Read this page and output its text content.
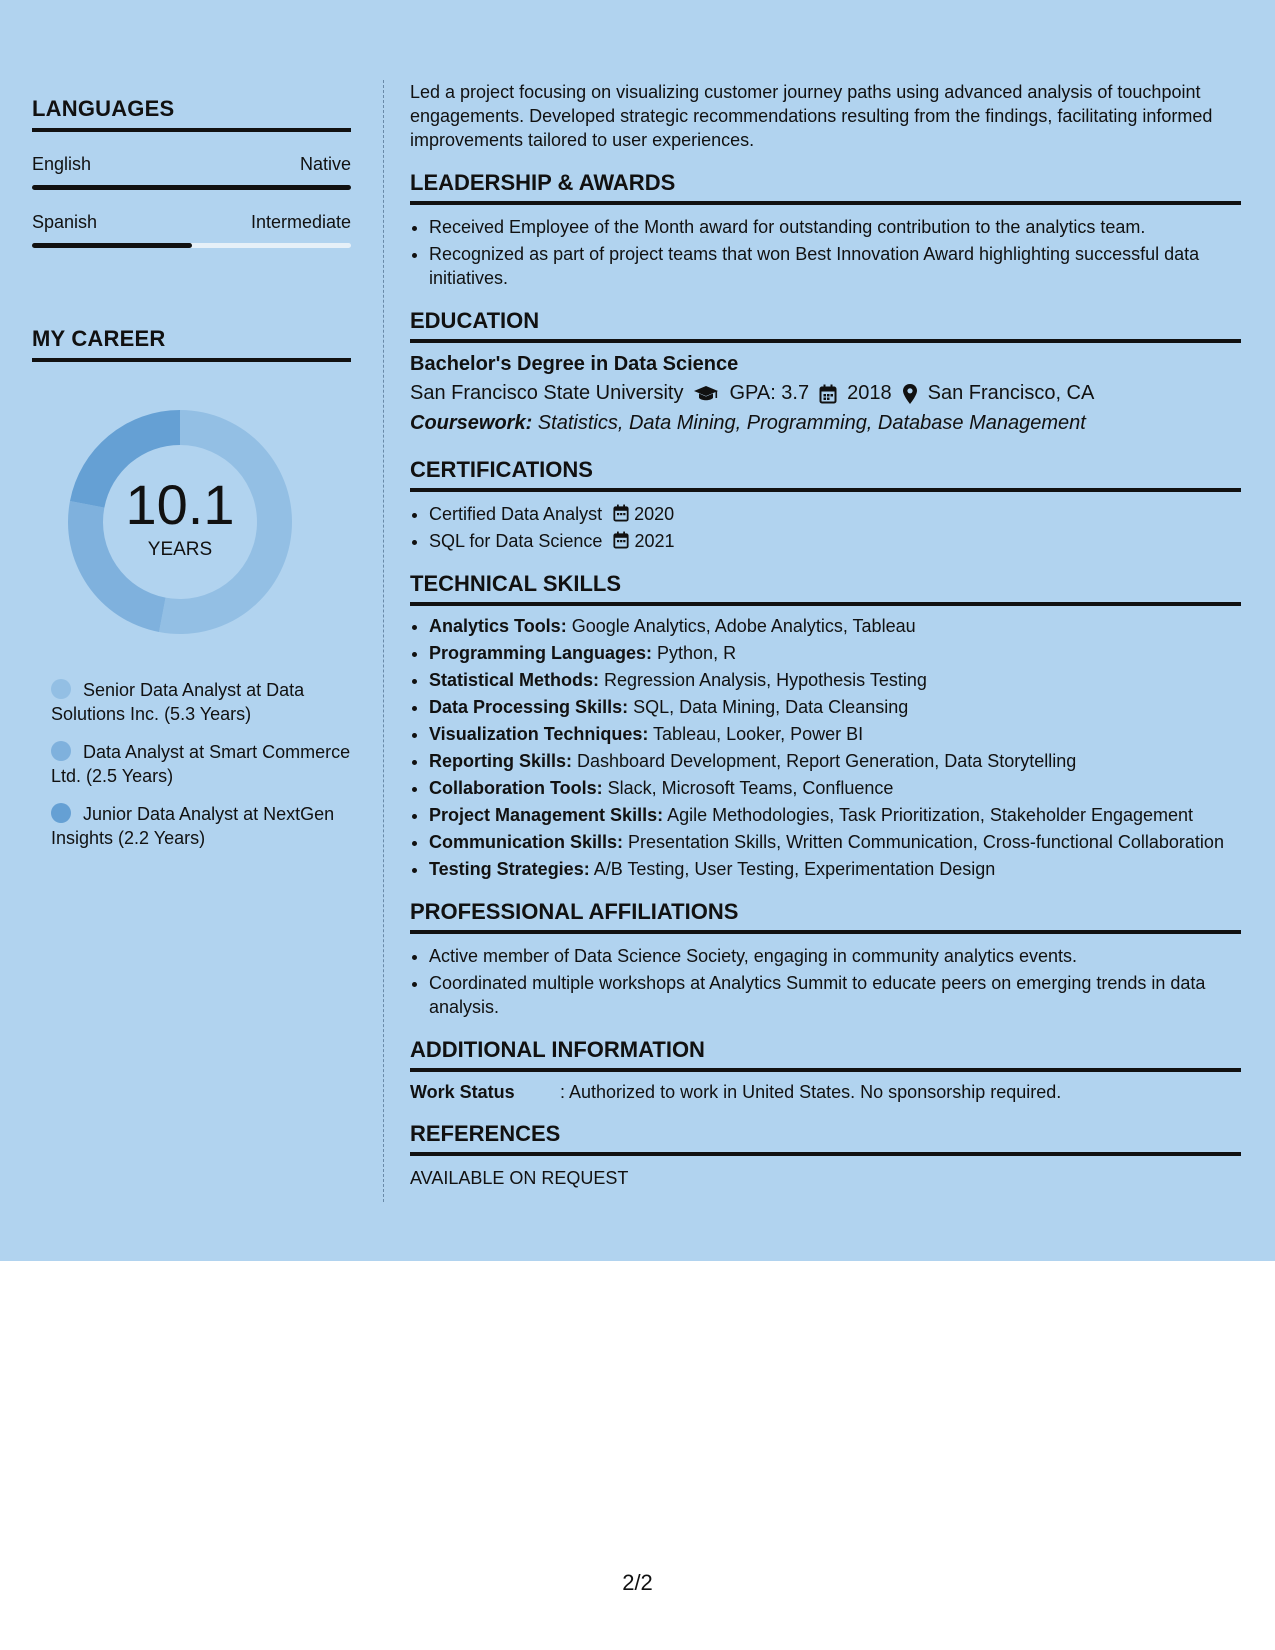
LANGUAGES
English	Native
Spanish	Intermediate
MY CAREER
10.1
YEARS
Senior Data Analyst at Data Solutions Inc. (5.3 Years)
Data Analyst at Smart Commerce Ltd. (2.5 Years)
Junior Data Analyst at NextGen Insights (2.2 Years)

Led a project focusing on visualizing customer journey paths using advanced analysis of touchpoint engagements. Developed strategic recommendations resulting from the findings, facilitating informed improvements tailored to user experiences.

LEADERSHIP & AWARDS
• Received Employee of the Month award for outstanding contribution to the analytics team.
• Recognized as part of project teams that won Best Innovation Award highlighting successful data initiatives.
EDUCATION
Bachelor's Degree in Data Science
San Francisco State University GPA: 3.7 2018 San Francisco, CA
Coursework: Statistics, Data Mining, Programming, Database Management
CERTIFICATIONS
• Certified Data Analyst 2020
• SQL for Data Science 2021
TECHNICAL SKILLS
• Analytics Tools: Google Analytics, Adobe Analytics, Tableau
• Programming Languages: Python, R
• Statistical Methods: Regression Analysis, Hypothesis Testing
• Data Processing Skills: SQL, Data Mining, Data Cleansing
• Visualization Techniques: Tableau, Looker, Power BI
• Reporting Skills: Dashboard Development, Report Generation, Data Storytelling
• Collaboration Tools: Slack, Microsoft Teams, Confluence
• Project Management Skills: Agile Methodologies, Task Prioritization, Stakeholder Engagement
• Communication Skills: Presentation Skills, Written Communication, Cross-functional Collaboration
• Testing Strategies: A/B Testing, User Testing, Experimentation Design
PROFESSIONAL AFFILIATIONS
• Active member of Data Science Society, engaging in community analytics events.
• Coordinated multiple workshops at Analytics Summit to educate peers on emerging trends in data analysis.
ADDITIONAL INFORMATION
Work Status	: Authorized to work in United States. No sponsorship required.
REFERENCES
AVAILABLE ON REQUEST
2/2
